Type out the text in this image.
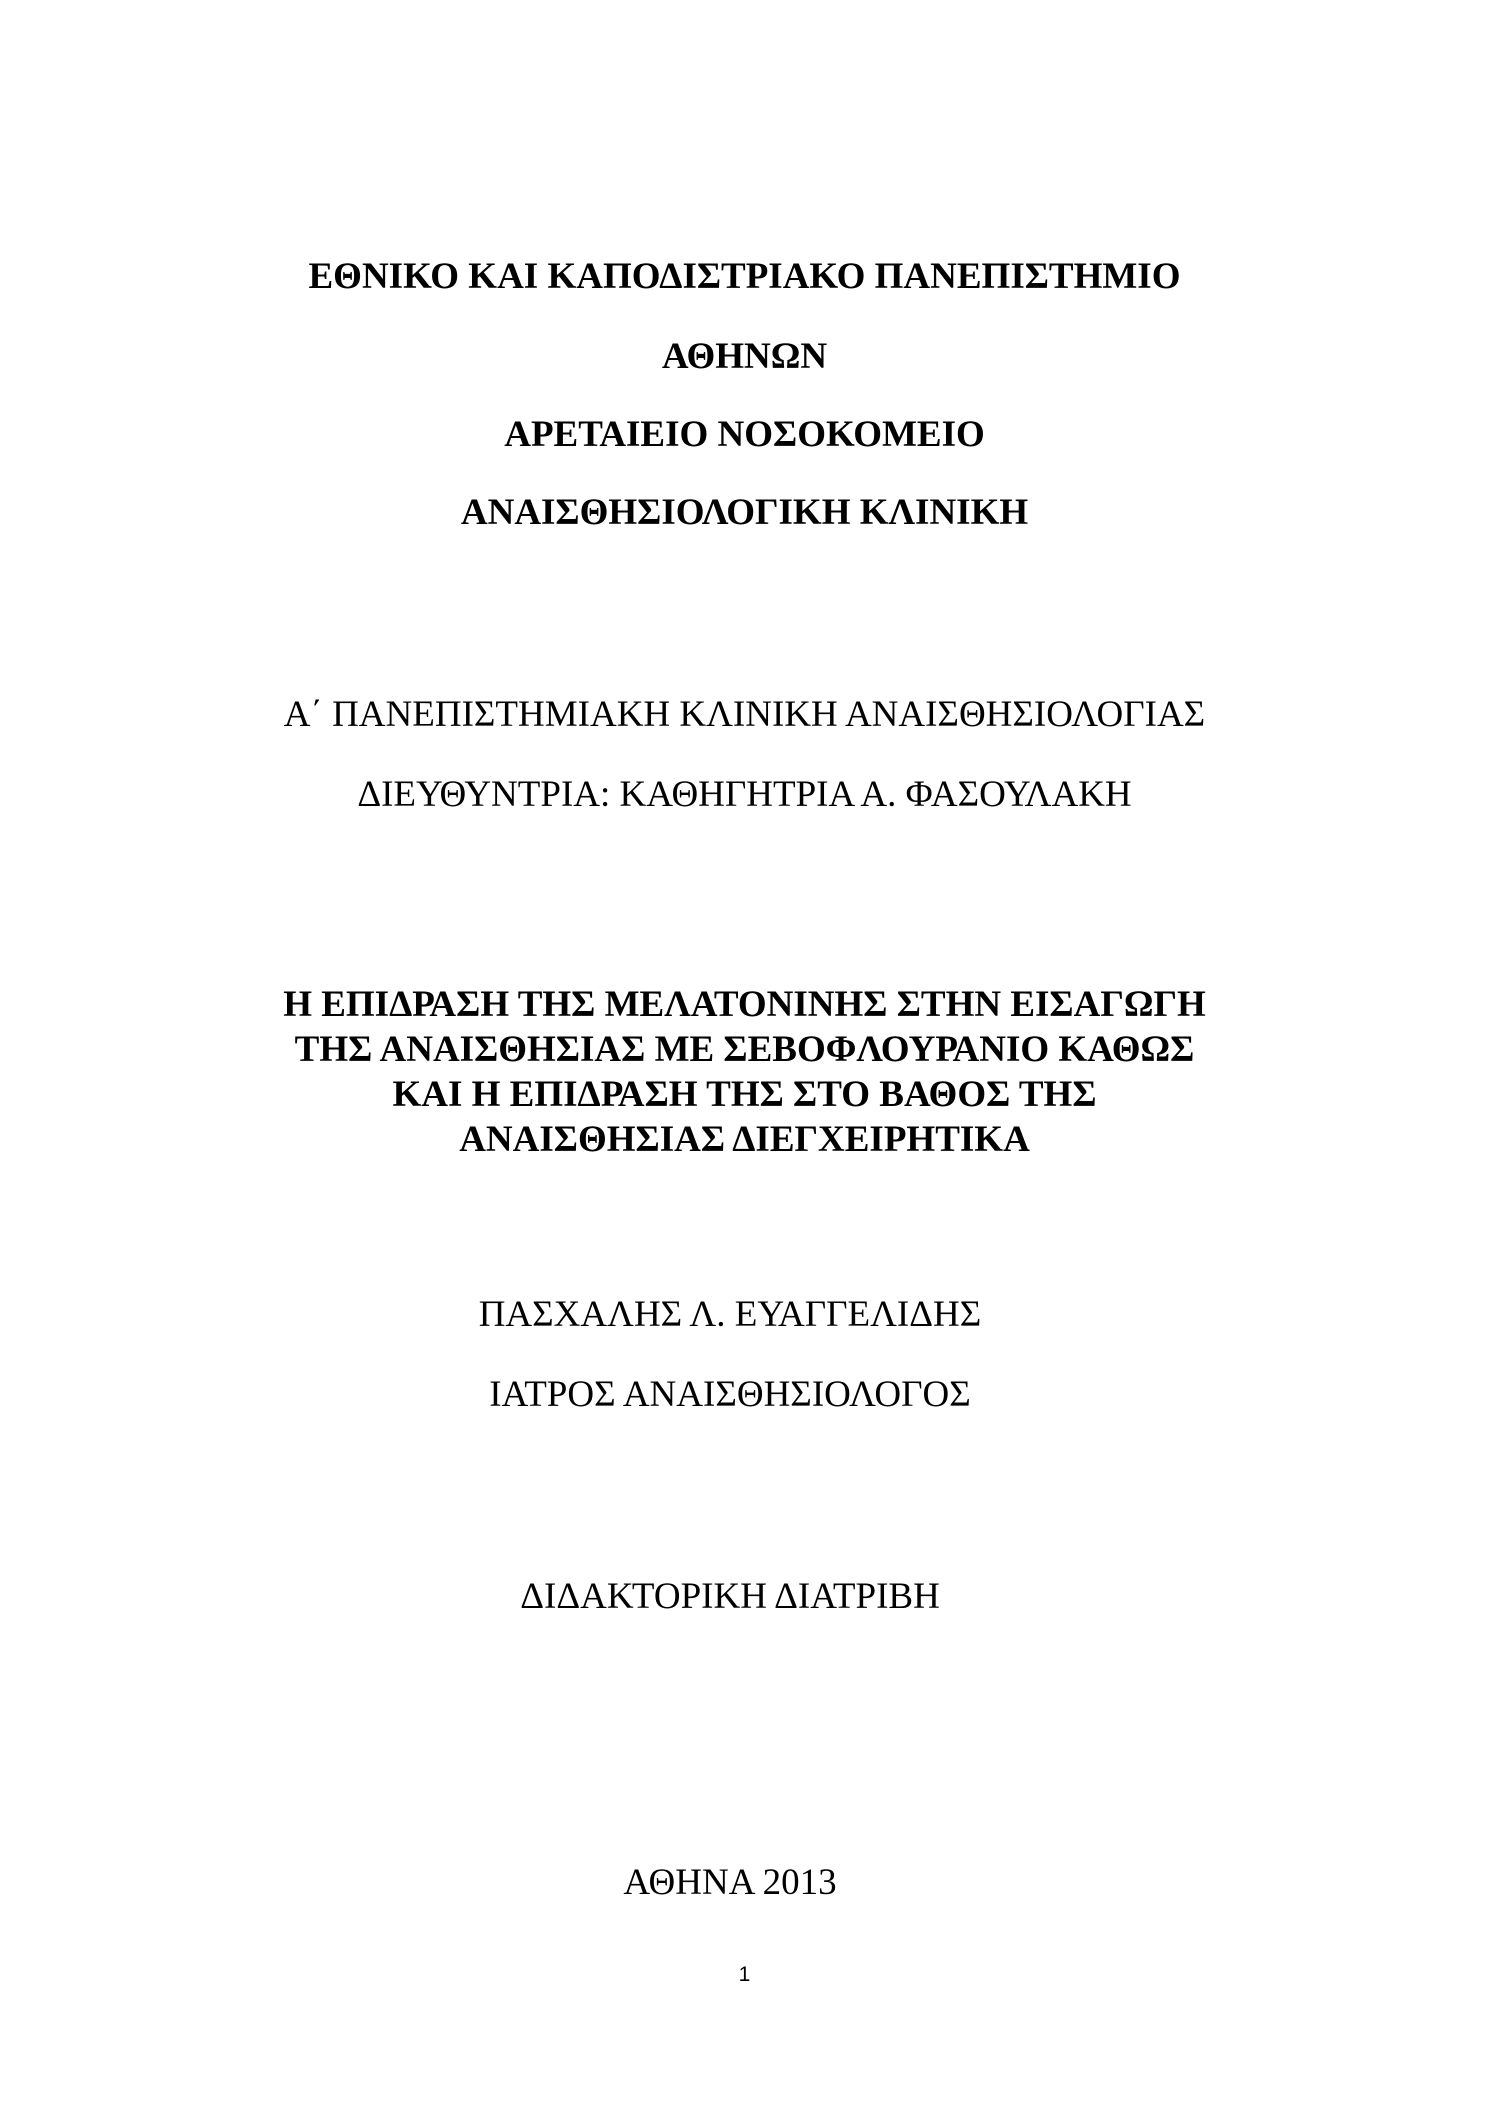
ΕΘΝΙΚΟ ΚΑΙ ΚΑΠΟΔΙΣΤΡΙΑΚΟ ΠΑΝΕΠΙΣΤΗΜΙΟ
ΑΘΗΝΩΝ
ΑΡΕΤΑΙΕΙΟ ΝΟΣΟΚΟΜΕΙΟ
ΑΝΑΙΣΘΗΣΙΟΛΟΓΙΚΗ ΚΛΙΝΙΚΗ
Α΄ ΠΑΝΕΠΙΣΤΗΜΙΑΚΗ ΚΛΙΝΙΚΗ ΑΝΑΙΣΘΗΣΙΟΛΟΓΙΑΣ
ΔΙΕΥΘΥΝΤΡΙΑ: ΚΑΘΗΓΗΤΡΙΑ Α. ΦΑΣΟΥΛΑΚΗ
Η ΕΠΙΔΡΑΣΗ ΤΗΣ ΜΕΛΑΤΟΝΙΝΗΣ ΣΤΗΝ ΕΙΣΑΓΩΓΗ
ΤΗΣ ΑΝΑΙΣΘΗΣΙΑΣ ΜΕ ΣΕΒΟΦΛΟΥΡΑΝΙΟ ΚΑΘΩΣ
ΚΑΙ Η ΕΠΙΔΡΑΣΗ ΤΗΣ ΣΤΟ ΒΑΘΟΣ ΤΗΣ
ΑΝΑΙΣΘΗΣΙΑΣ ΔΙΕΓΧΕΙΡΗΤΙΚΑ
ΠΑΣΧΑΛΗΣ Λ. ΕΥΑΓΓΕΛΙΔΗΣ
ΙΑΤΡΟΣ ΑΝΑΙΣΘΗΣΙΟΛΟΓΟΣ
ΔΙΔΑΚΤΟΡΙΚΗ ΔΙΑΤΡΙΒΗ
ΑΘΗΝΑ 2013
1
